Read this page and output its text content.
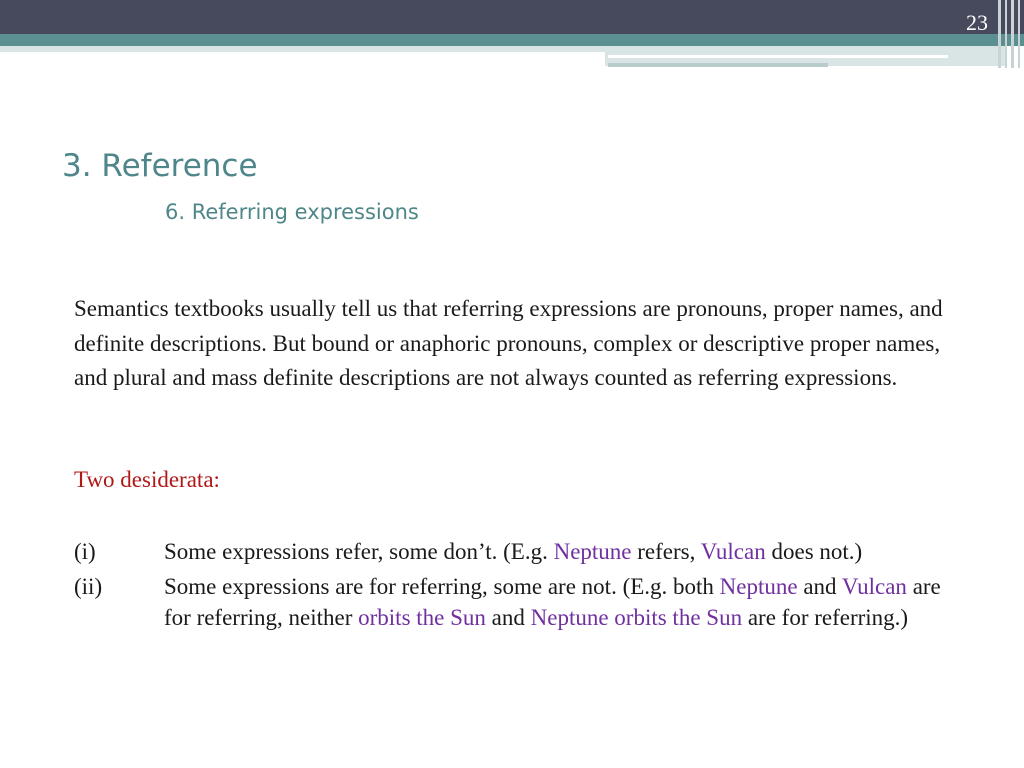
23
3. Reference
6. Referring expressions

Semantics textbooks usually tell us that referring expressions are pronouns, proper names, and definite descriptions. But bound or anaphoric pronouns, complex or descriptive proper names, and plural and mass definite descriptions are not always counted as referring expressions.

Two desiderata:

(i)	Some expressions refer, some don’t. (E.g. Neptune refers, Vulcan does not.)
(ii)	Some expressions are for referring, some are not. (E.g. both Neptune and Vulcan are for referring, neither orbits the Sun and Neptune orbits the Sun are for referring.)
